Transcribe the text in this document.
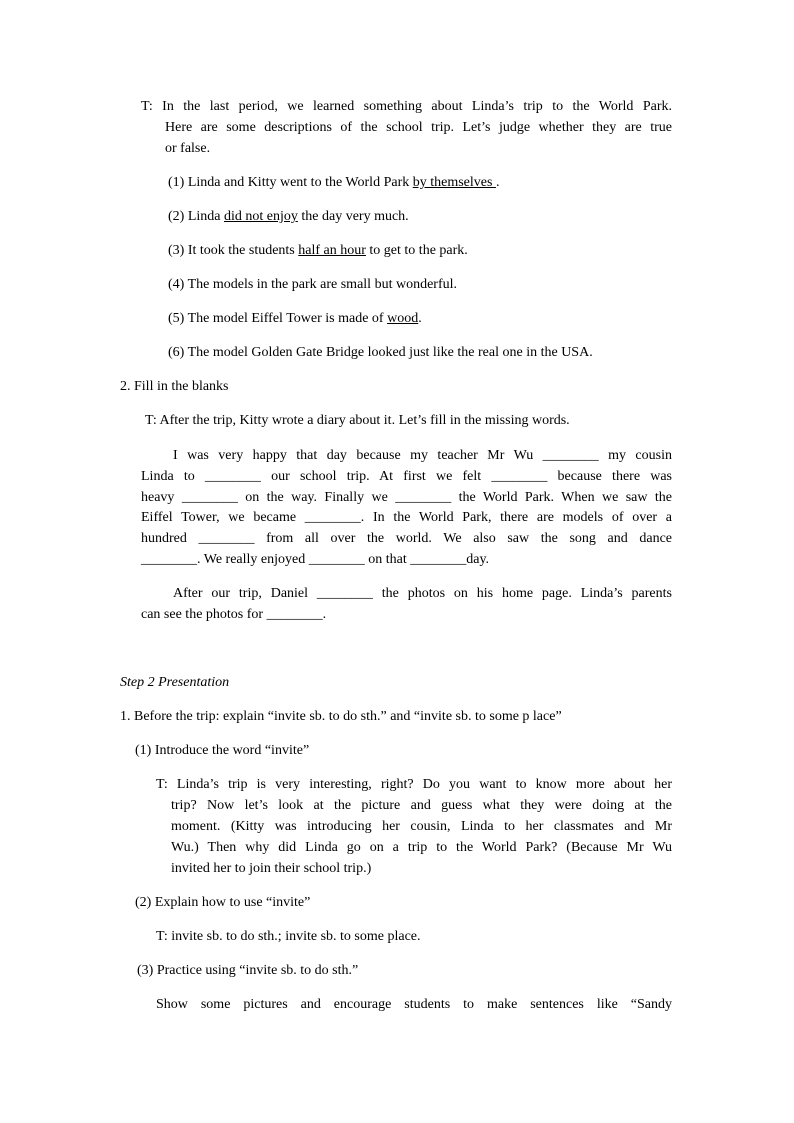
T: In the last period, we learned something about Linda’s trip to the World Park.
Here are some descriptions of the school trip. Let’s judge whether they are true
or false.
(1) Linda and Kitty went to the World Park by themselves .
(2) Linda did not enjoy the day very much.
(3) It took the students half an hour to get to the park.
(4) The models in the park are small but wonderful.
(5) The model Eiffel Tower is made of wood.
(6) The model Golden Gate Bridge looked just like the real one in the USA.
2. Fill in the blanks
T: After the trip, Kitty wrote a diary about it. Let’s fill in the missing words.
I was very happy that day because my teacher Mr Wu ________ my cousin
Linda to ________ our school trip. At first we felt ________ because there was
heavy ________ on the way. Finally we ________ the World Park. When we saw the
Eiffel Tower, we became ________. In the World Park, there are models of over a
hundred ________ from all over the world. We also saw the song and dance
________. We really enjoyed ________ on that ________day.
After our trip, Daniel ________ the photos on his home page. Linda’s parents
can see the photos for ________.
Step 2 Presentation
1. Before the trip: explain “invite sb. to do sth.” and “invite sb. to some p lace”
(1) Introduce the word “invite”
T: Linda’s trip is very interesting, right? Do you want to know more about her
trip? Now let’s look at the picture and guess what they were doing at the
moment. (Kitty was introducing her cousin, Linda to her classmates and Mr
Wu.) Then why did Linda go on a trip to the World Park? (Because Mr Wu
invited her to join their school trip.)
(2) Explain how to use “invite”
T: invite sb. to do sth.; invite sb. to some place.
(3) Practice using “invite sb. to do sth.”
Show some pictures and encourage students to make sentences like “Sandy
